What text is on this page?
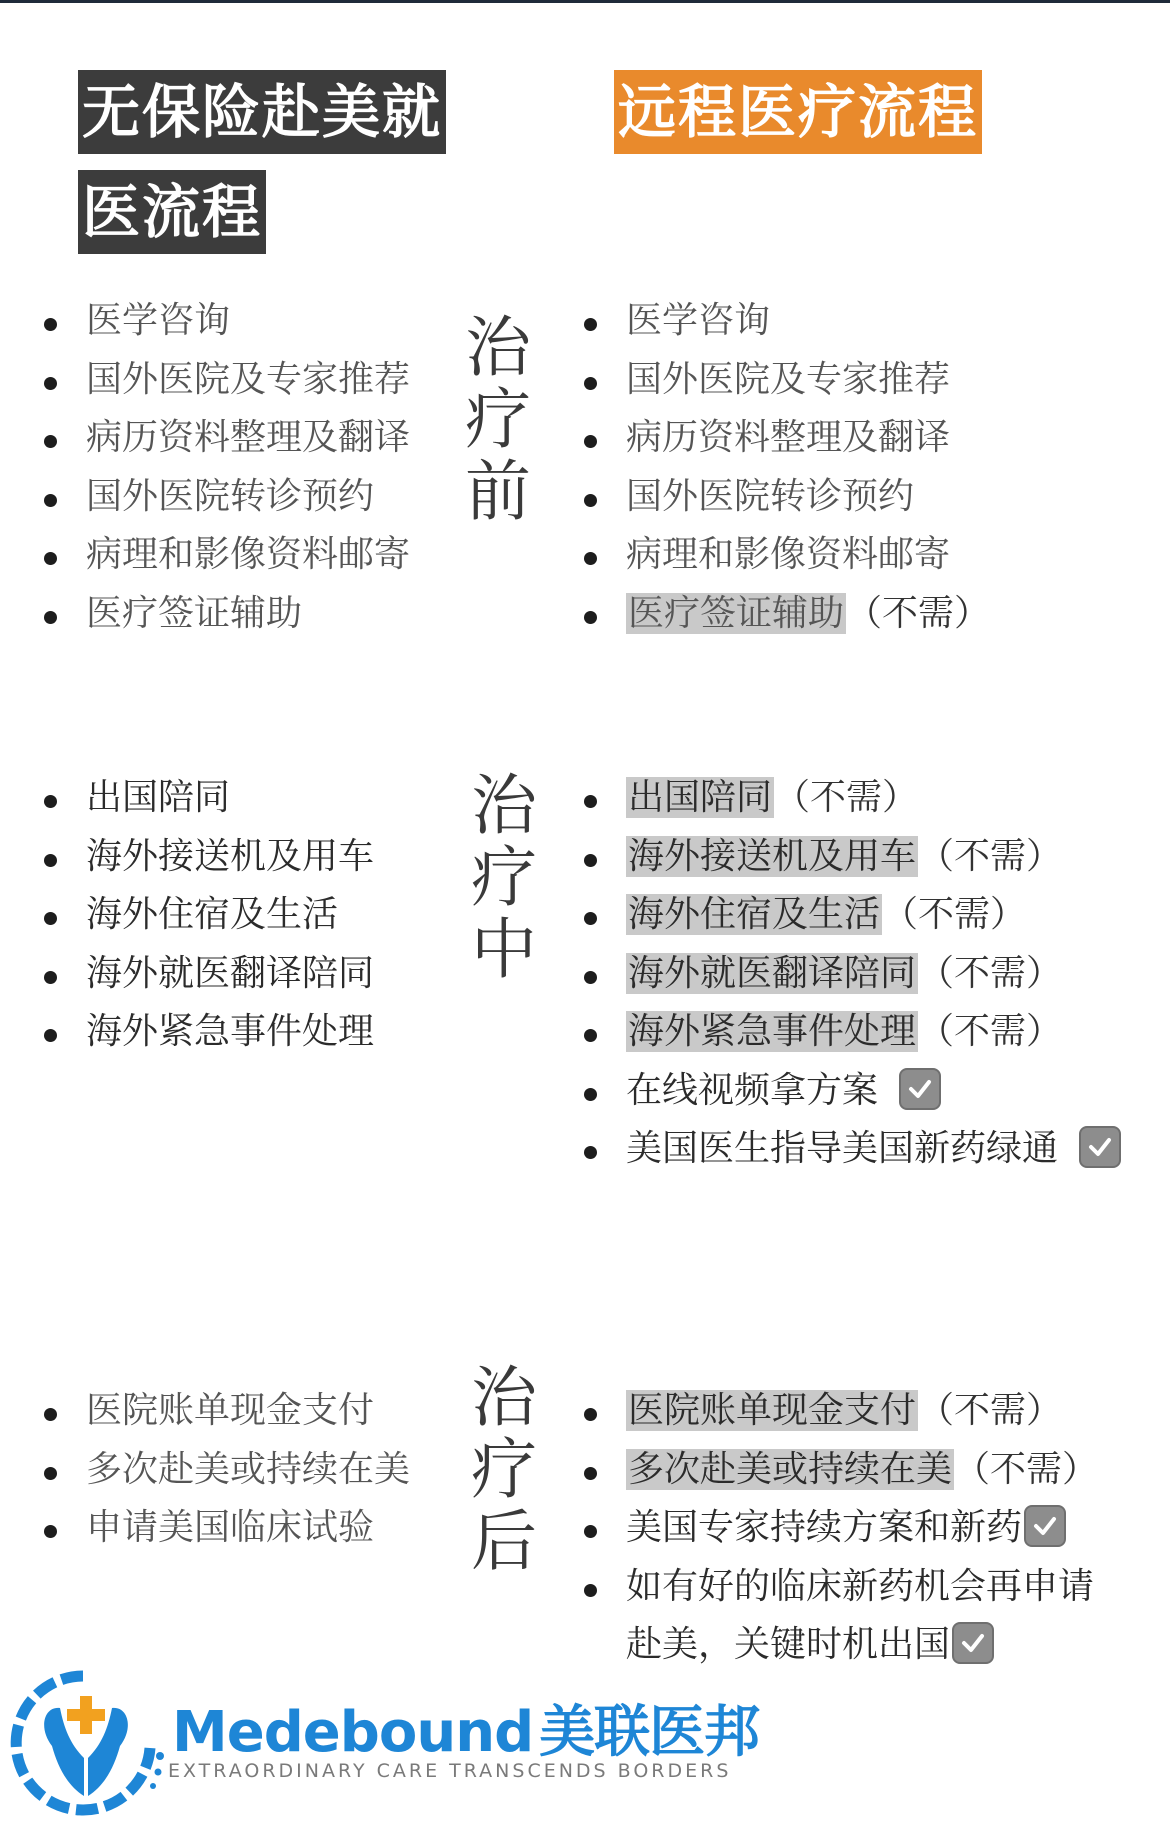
无保险赴美就
医流程
远程医疗流程
医学咨询
国外医院及专家推荐
病历资料整理及翻译
国外医院转诊预约
病理和影像资料邮寄
医疗签证辅助
治
疗
前
医学咨询
国外医院及专家推荐
病历资料整理及翻译
国外医院转诊预约
病理和影像资料邮寄
医疗签证辅助（不需）
出国陪同
海外接送机及用车
海外住宿及生活
海外就医翻译陪同
海外紧急事件处理
治
疗
中
出国陪同（不需）
海外接送机及用车（不需）
海外住宿及生活（不需）
海外就医翻译陪同（不需）
海外紧急事件处理（不需）
在线视频拿方案
美国医生指导美国新药绿通
医院账单现金支付
多次赴美或持续在美
申请美国临床试验
治
疗
后
医院账单现金支付（不需）
多次赴美或持续在美（不需）
美国专家持续方案和新药
如有好的临床新药机会再申请赴美，关键时机出国
Medebound 美联医邦
EXTRAORDINARY CARE TRANSCENDS BORDERS
